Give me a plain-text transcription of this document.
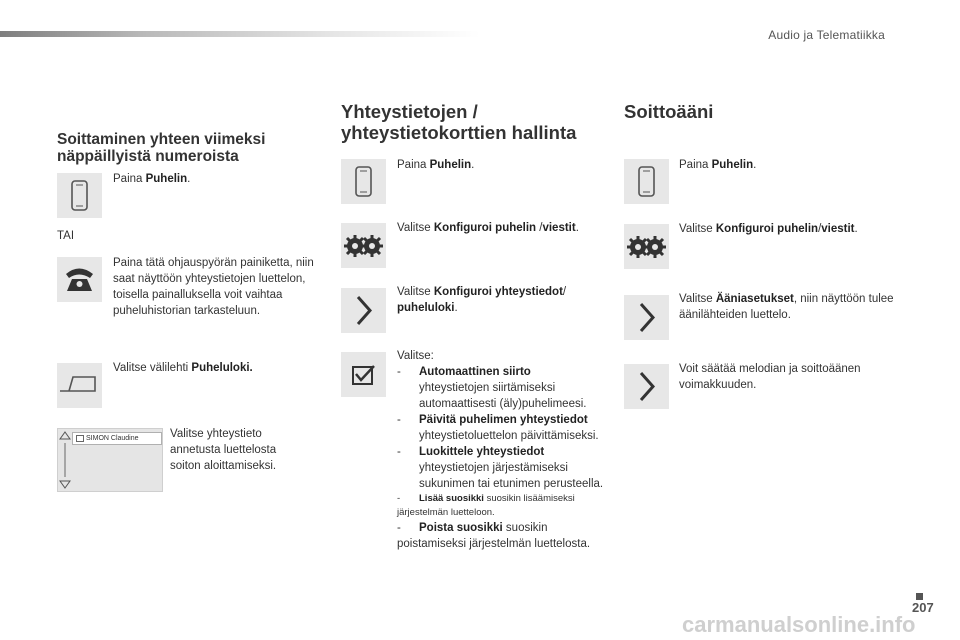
Audio ja Telematiikka
Soittaminen yhteen viimeksi näppäillyistä numeroista
Paina Puhelin.
TAI
Paina tätä ohjauspyörän painiketta, niin saat näyttöön yhteystietojen luettelon, toisella painalluksella voit vaihtaa puheluhistorian tarkasteluun.
Valitse välilehti Puheluloki.
SIMON Claudine	Valitse yhteystieto annetusta luettelosta soiton aloittamiseksi.
Yhteystietojen / yhteystietokorttien hallinta
Paina Puhelin.
Valitse Konfiguroi puhelin /viestit.
Valitse Konfiguroi yhteystiedot/
puheluloki.
Valitse:
- Automaattinen siirto
yhteystietojen siirtämiseksi automaattisesti (äly)puhelimeesi.
- Päivitä puhelimen yhteystiedot
yhteystietoluettelon päivittämiseksi.
- Luokittele yhteystiedot
yhteystietojen järjestämiseksi sukunimen tai etunimen perusteella.
- Lisää suosikki suosikin lisäämiseksi järjestelmän luetteloon.
- Poista suosikki suosikin poistamiseksi järjestelmän luettelosta.
Soittoääni
Paina Puhelin.
Valitse Konfiguroi puhelin/viestit.
Valitse Ääniasetukset, niin näyttöön tulee äänilähteiden luettelo.
Voit säätää melodian ja soittoäänen voimakkuuden.
207
carmanualsonline.info
